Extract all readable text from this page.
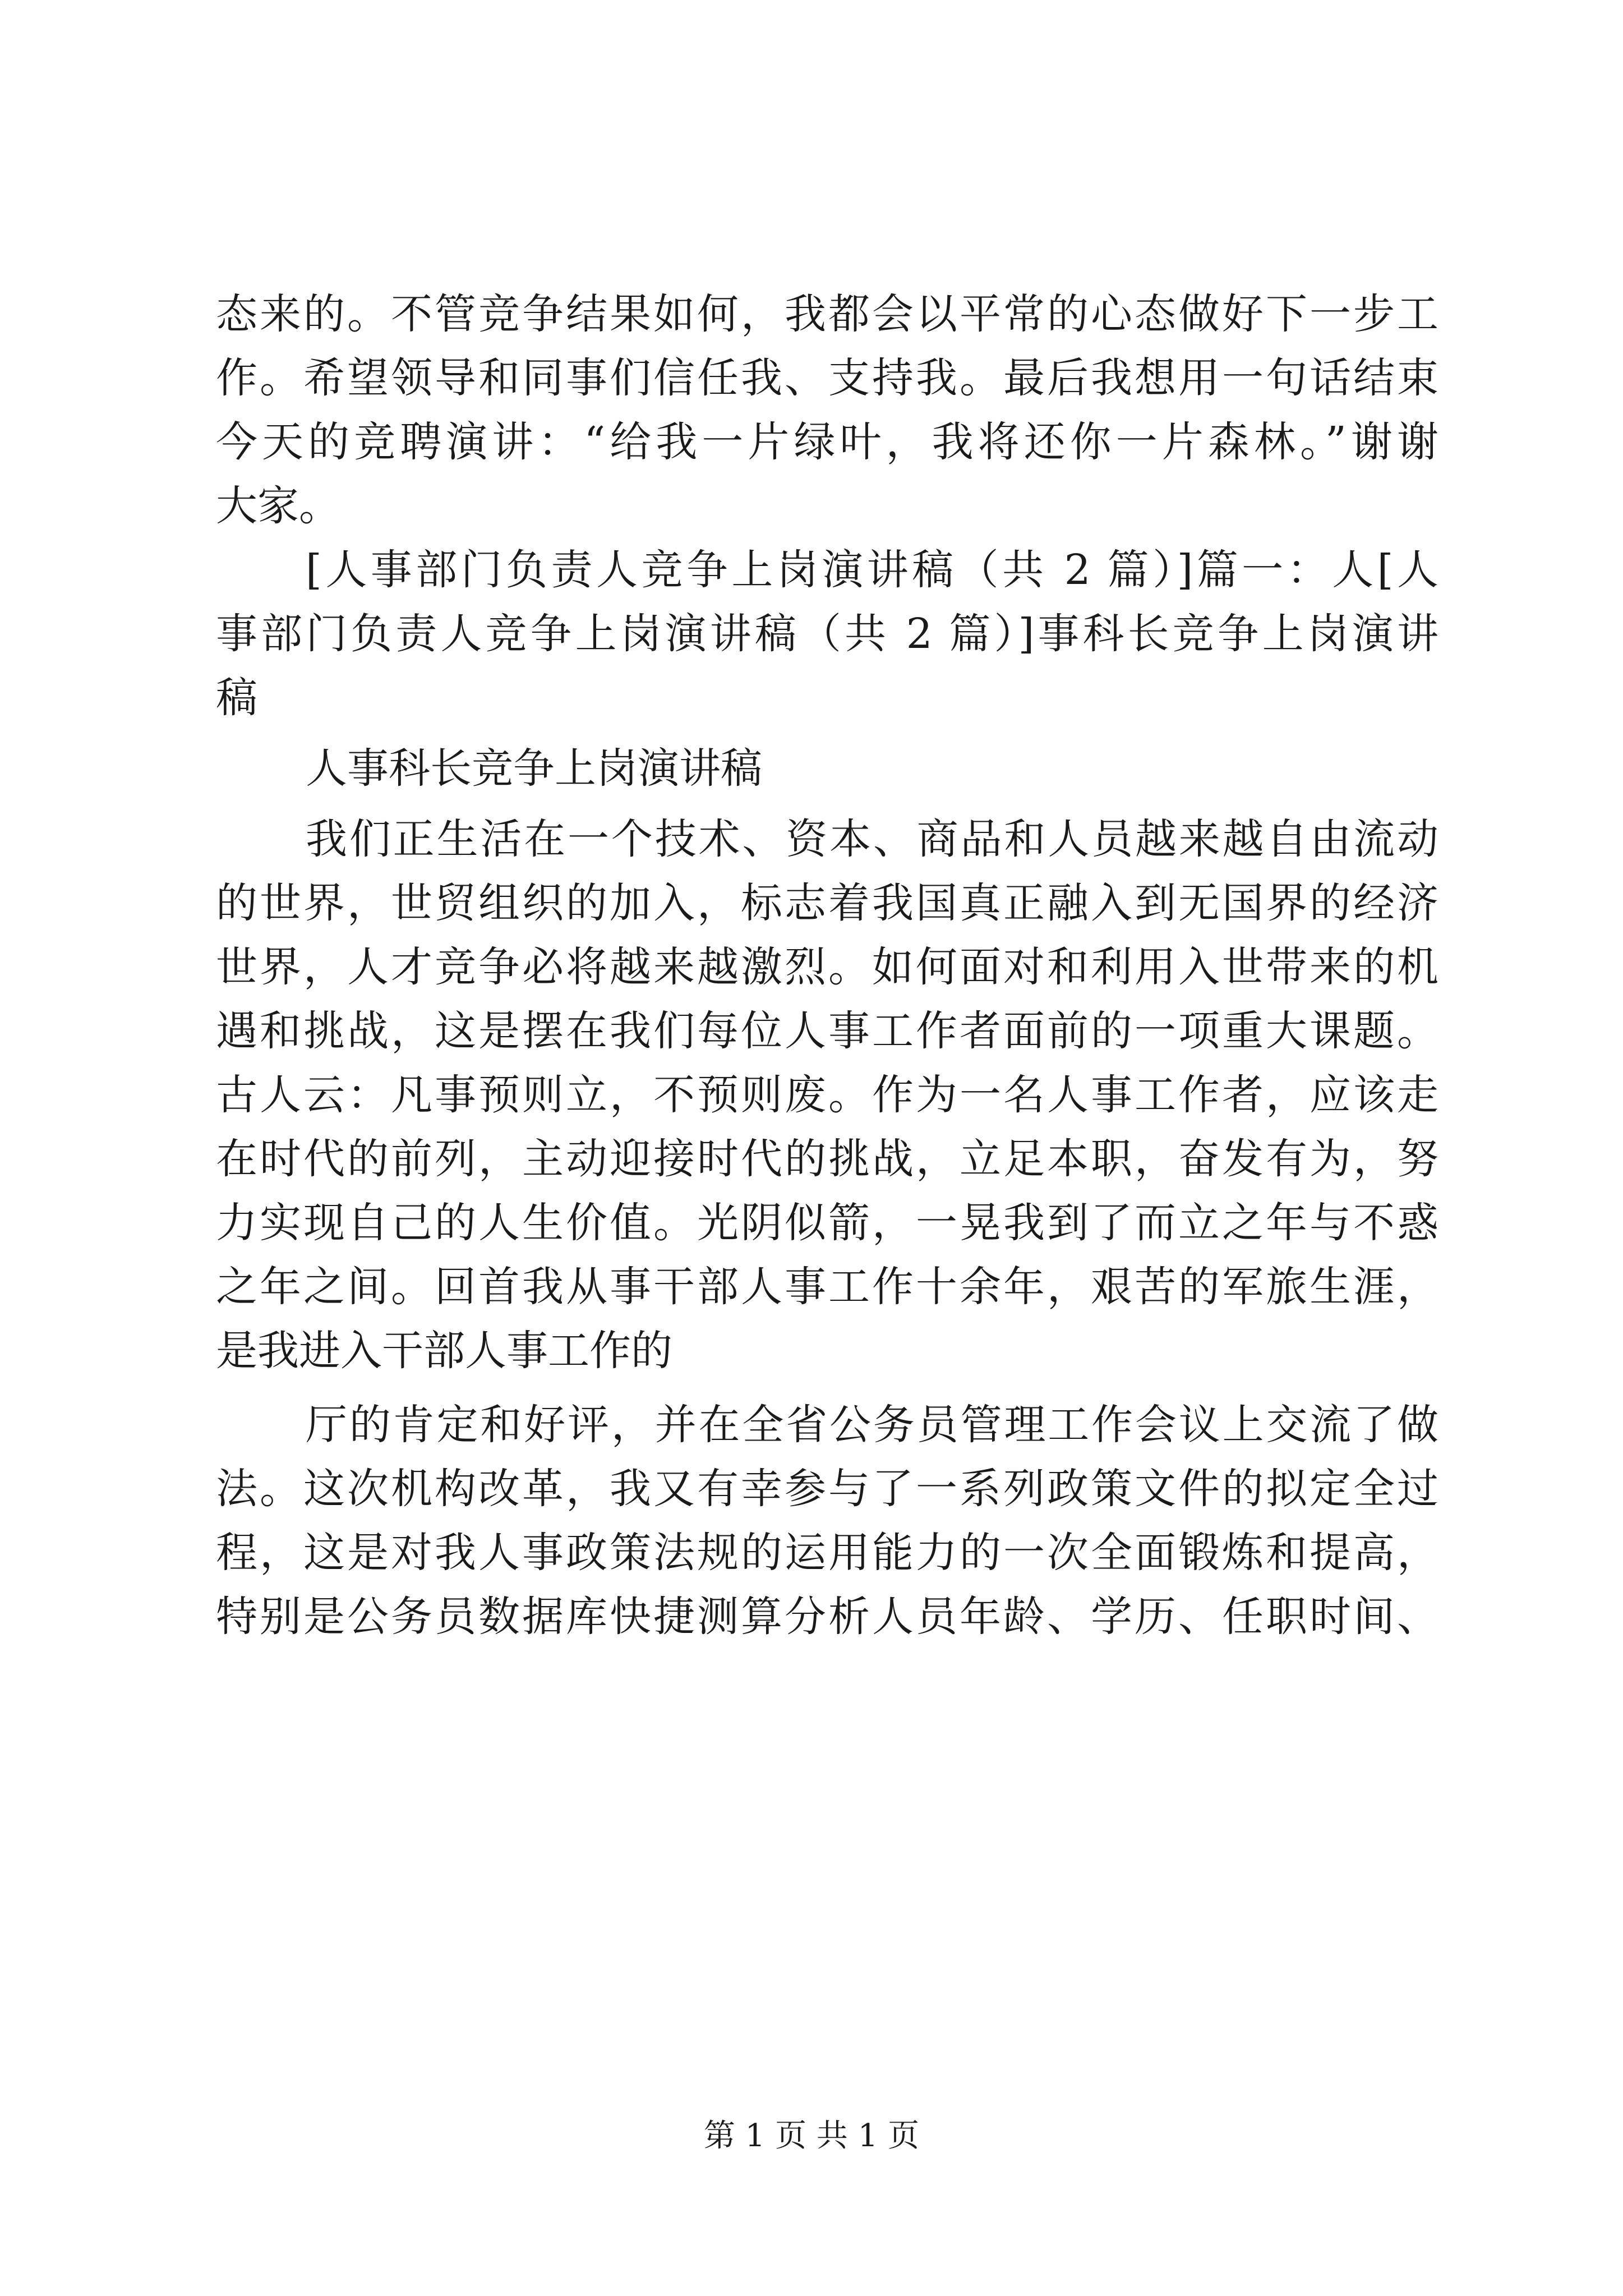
态来的。不管竞争结果如何，我都会以平常的心态做好下一步工
作。希望领导和同事们信任我、支持我。最后我想用一句话结束
今天的竞聘演讲：“给我一片绿叶，我将还你一片森林。”谢谢
大家。
[人事部门负责人竞争上岗演讲稿（共 2 篇）]篇一：人[人
事部门负责人竞争上岗演讲稿（共 2 篇）]事科长竞争上岗演讲
稿
人事科长竞争上岗演讲稿
我们正生活在一个技术、资本、商品和人员越来越自由流动
的世界，世贸组织的加入，标志着我国真正融入到无国界的经济
世界，人才竞争必将越来越激烈。如何面对和利用入世带来的机
遇和挑战，这是摆在我们每位人事工作者面前的一项重大课题。
古人云：凡事预则立，不预则废。作为一名人事工作者，应该走
在时代的前列，主动迎接时代的挑战，立足本职，奋发有为，努
力实现自己的人生价值。光阴似箭，一晃我到了而立之年与不惑
之年之间。回首我从事干部人事工作十余年，艰苦的军旅生涯，
是我进入干部人事工作的
厅的肯定和好评，并在全省公务员管理工作会议上交流了做
法。这次机构改革，我又有幸参与了一系列政策文件的拟定全过
程，这是对我人事政策法规的运用能力的一次全面锻炼和提高，
特别是公务员数据库快捷测算分析人员年龄、学历、任职时间、
第 1 页 共 1 页
